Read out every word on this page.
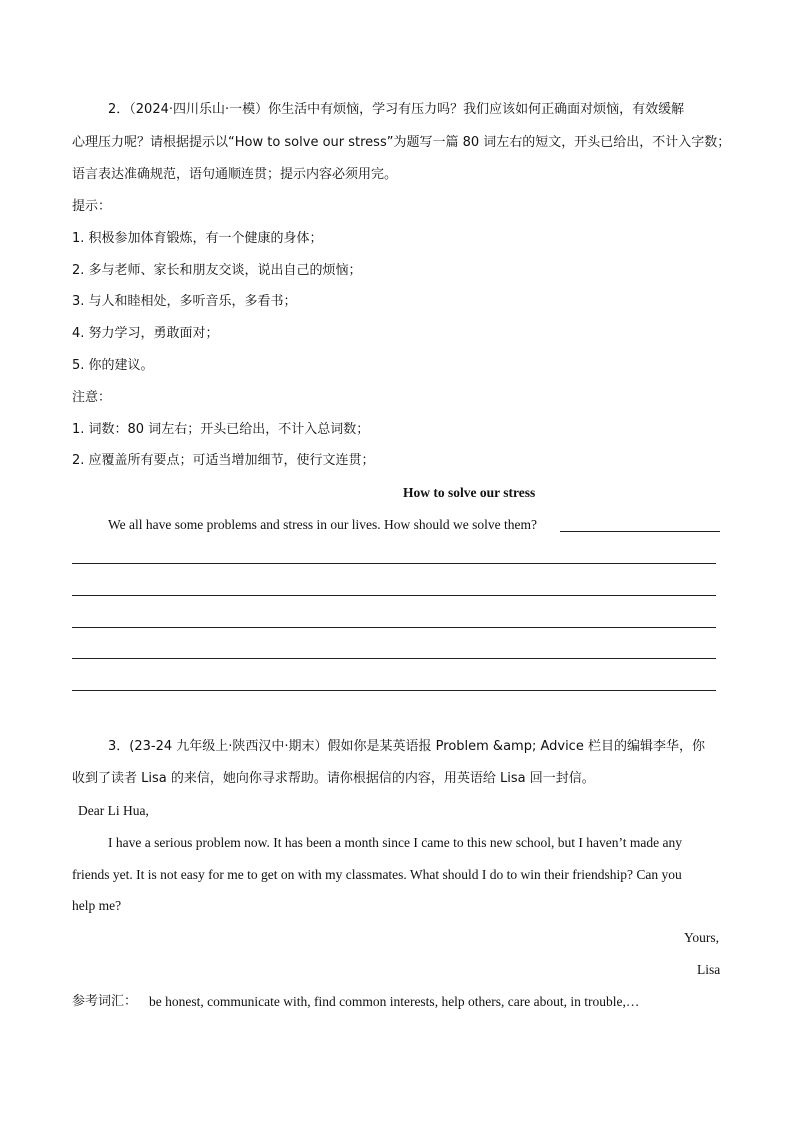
2．（2024·四川乐山·一模）你生活中有烦恼，学习有压力吗？我们应该如何正确面对烦恼，有效缓解
心理压力呢？请根据提示以“How to solve our stress”为题写一篇 80 词左右的短文，开头已给出，不计入字数；
语言表达准确规范，语句通顺连贯；提示内容必须用完。
提示：
1. 积极参加体育锻炼，有一个健康的身体；
2. 多与老师、家长和朋友交谈，说出自己的烦恼；
3. 与人和睦相处，多听音乐，多看书；
4. 努力学习，勇敢面对；
5. 你的建议。
注意：
1. 词数：80 词左右；开头已给出，不计入总词数；
2. 应覆盖所有要点；可适当增加细节，使行文连贯；
How to solve our stress
We all have some problems and stress in our lives. How should we solve them?
3．(23-24 九年级上·陕西汉中·期末）假如你是某英语报 Problem &amp; Advice 栏目的编辑李华，你
收到了读者 Lisa 的来信，她向你寻求帮助。请你根据信的内容，用英语给 Lisa 回一封信。
Dear Li Hua,
I have a serious problem now. It has been a month since I came to this new school, but I haven’t made any
friends yet. It is not easy for me to get on with my classmates. What should I do to win their friendship? Can you
help me?
Yours,
Lisa
参考词汇： be honest, communicate with, find common interests, help others, care about, in trouble,…
